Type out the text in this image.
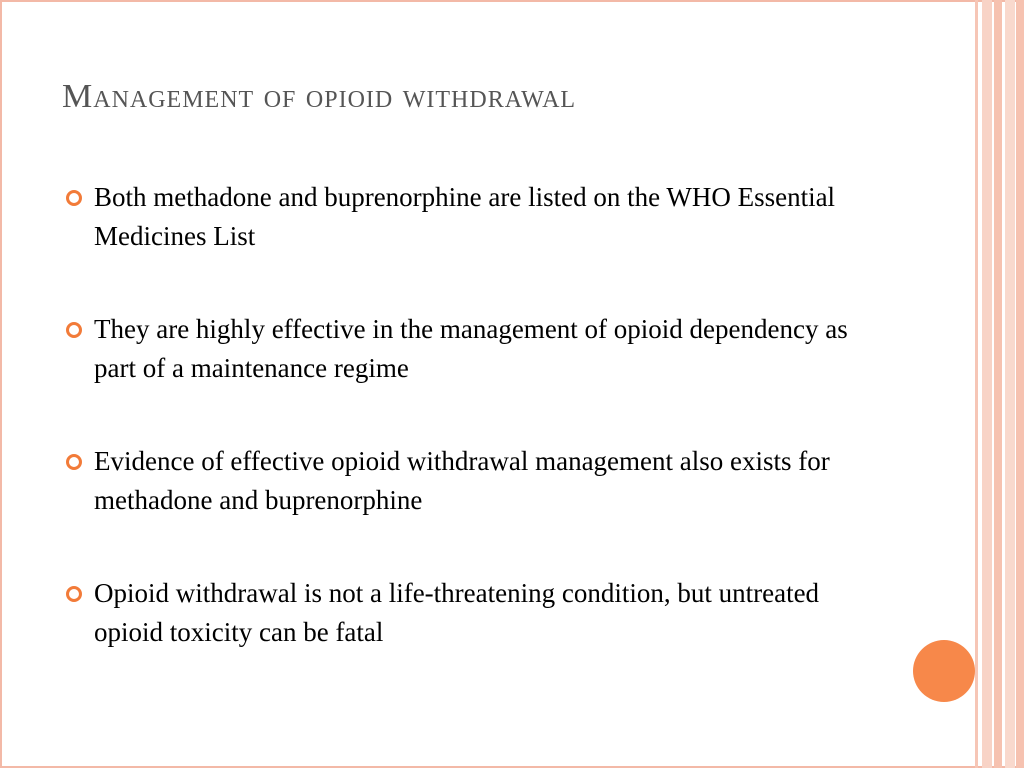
Management of opioid withdrawal
Both methadone and buprenorphine are listed on the WHO Essential Medicines List
They are highly effective in the management of opioid dependency as part of a maintenance regime
Evidence of effective opioid withdrawal management also exists for methadone and buprenorphine
Opioid withdrawal is not a life-threatening condition, but untreated opioid toxicity can be fatal
